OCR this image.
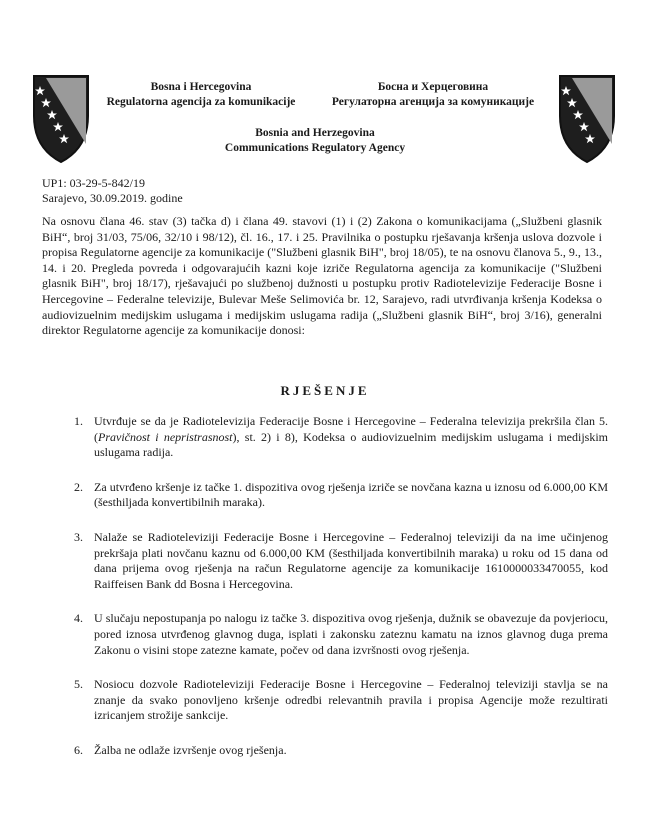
Bosna i Hercegovina
Regulatorna agencija za komunikacije
Босна и Херцеговина
Регулаторна агенција за комуникације
Bosnia and Herzegovina
Communications Regulatory Agency
UP1: 03-29-5-842/19
Sarajevo, 30.09.2019. godine
Na osnovu člana 46. stav (3) tačka d) i člana 49. stavovi (1) i (2) Zakona o komunikacijama („Službeni glasnik BiH“, broj 31/03, 75/06, 32/10 i 98/12), čl. 16., 17. i 25. Pravilnika o postupku rješavanja kršenja uslova dozvole i propisa Regulatorne agencije za komunikacije ("Službeni glasnik BiH", broj 18/05), te na osnovu članova 5., 9., 13., 14. i 20. Pregleda povreda i odgovarajućih kazni koje izriče Regulatorna agencija za komunikacije ("Službeni glasnik BiH", broj 18/17), rješavajući po službenoj dužnosti u postupku protiv Radiotelevizije Federacije Bosne i Hercegovine – Federalne televizije, Bulevar Meše Selimovića br. 12, Sarajevo, radi utvrđivanja kršenja Kodeksa o audiovizuelnim medijskim uslugama i medijskim uslugama radija („Službeni glasnik BiH“, broj 3/16), generalni direktor Regulatorne agencije za komunikacije donosi:
RJEŠENJE
1. Utvrđuje se da je Radiotelevizija Federacije Bosne i Hercegovine – Federalna televizija prekršila član 5. (Pravičnost i nepristrasnost), st. 2) i 8), Kodeksa o audiovizuelnim medijskim uslugama i medijskim uslugama radija.
2. Za utvrđeno kršenje iz tačke 1. dispozitiva ovog rješenja izriče se novčana kazna u iznosu od 6.000,00 KM (šesthiljada konvertibilnih maraka).
3. Nalaže se Radioteleviziji Federacije Bosne i Hercegovine – Federalnoj televiziji da na ime učinjenog prekršaja plati novčanu kaznu od 6.000,00 KM (šesthiljada konvertibilnih maraka) u roku od 15 dana od dana prijema ovog rješenja na račun Regulatorne agencije za komunikacije 1610000033470055, kod Raiffeisen Bank dd Bosna i Hercegovina.
4. U slučaju nepostupanja po nalogu iz tačke 3. dispozitiva ovog rješenja, dužnik se obavezuje da povjeriocu, pored iznosa utvrđenog glavnog duga, isplati i zakonsku zateznu kamatu na iznos glavnog duga prema Zakonu o visini stope zatezne kamate, počev od dana izvršnosti ovog rješenja.
5. Nosiocu dozvole Radioteleviziji Federacije Bosne i Hercegovine – Federalnoj televiziji stavlja se na znanje da svako ponovljeno kršenje odredbi relevantnih pravila i propisa Agencije može rezultirati izricanjem strožije sankcije.
6. Žalba ne odlaže izvršenje ovog rješenja.
